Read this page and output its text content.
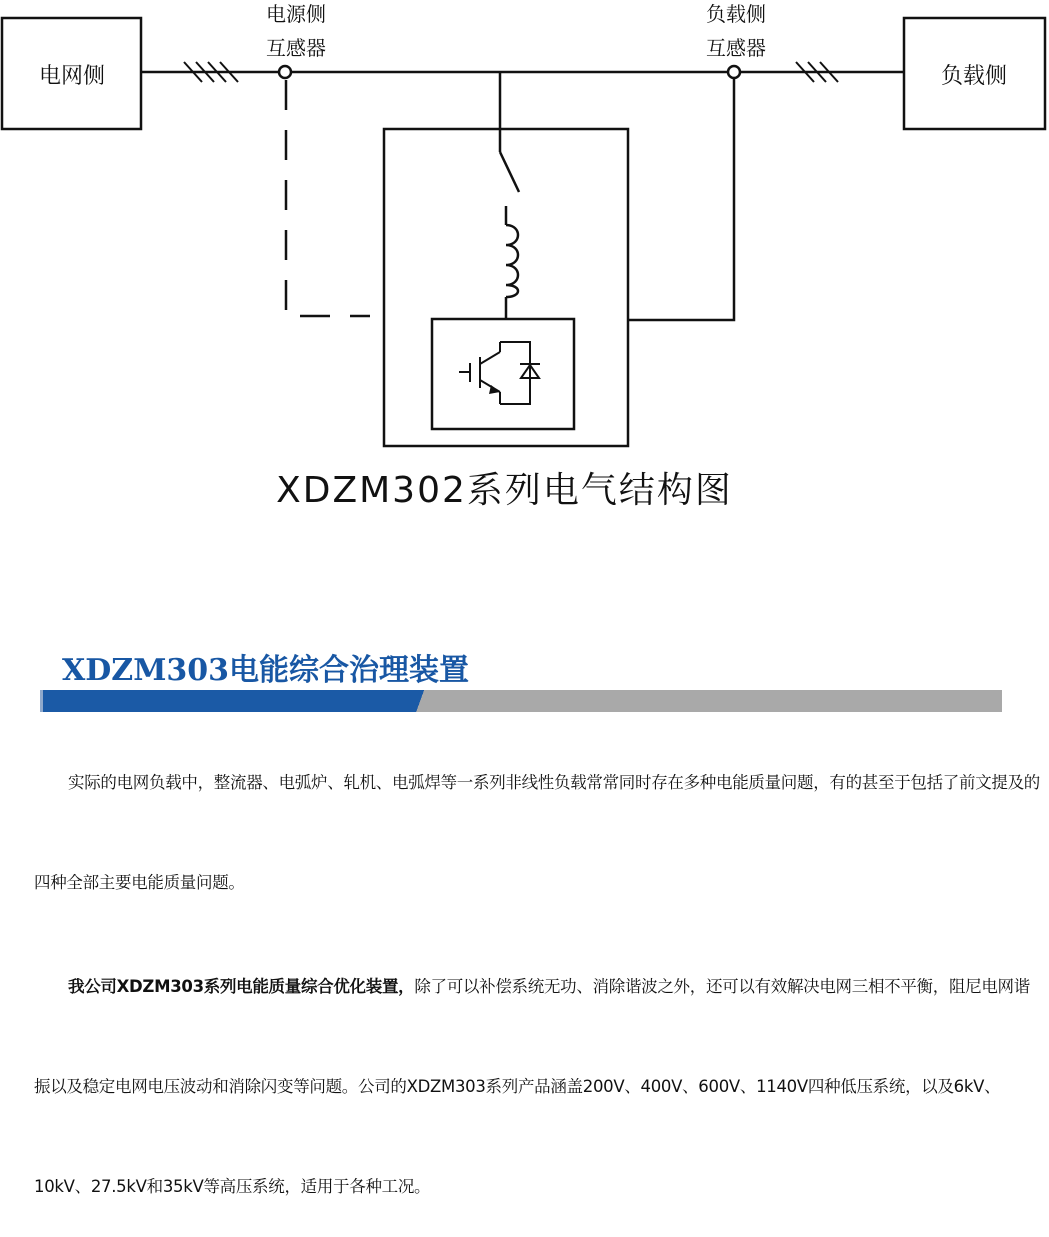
电网侧	负载侧
电源侧
互感器
负载侧
互感器
XDZM302系列电气结构图
XDZM303电能综合治理装置

实际的电网负载中，整流器、电弧炉、轧机、电弧焊等一系列非线性负载常常同时存在多种电能质量问题，有的甚至于包括了前文提及的四种全部主要电能质量问题。

我公司XDZM303系列电能质量综合优化装置，除了可以补偿系统无功、消除谐波之外，还可以有效解决电网三相不平衡，阻尼电网谐振以及稳定电网电压波动和消除闪变等问题。公司的XDZM303系列产品涵盖200V、400V、600V、1140V四种低压系统，以及6kV、10kV、27.5kV和35kV等高压系统，适用于各种工况。
